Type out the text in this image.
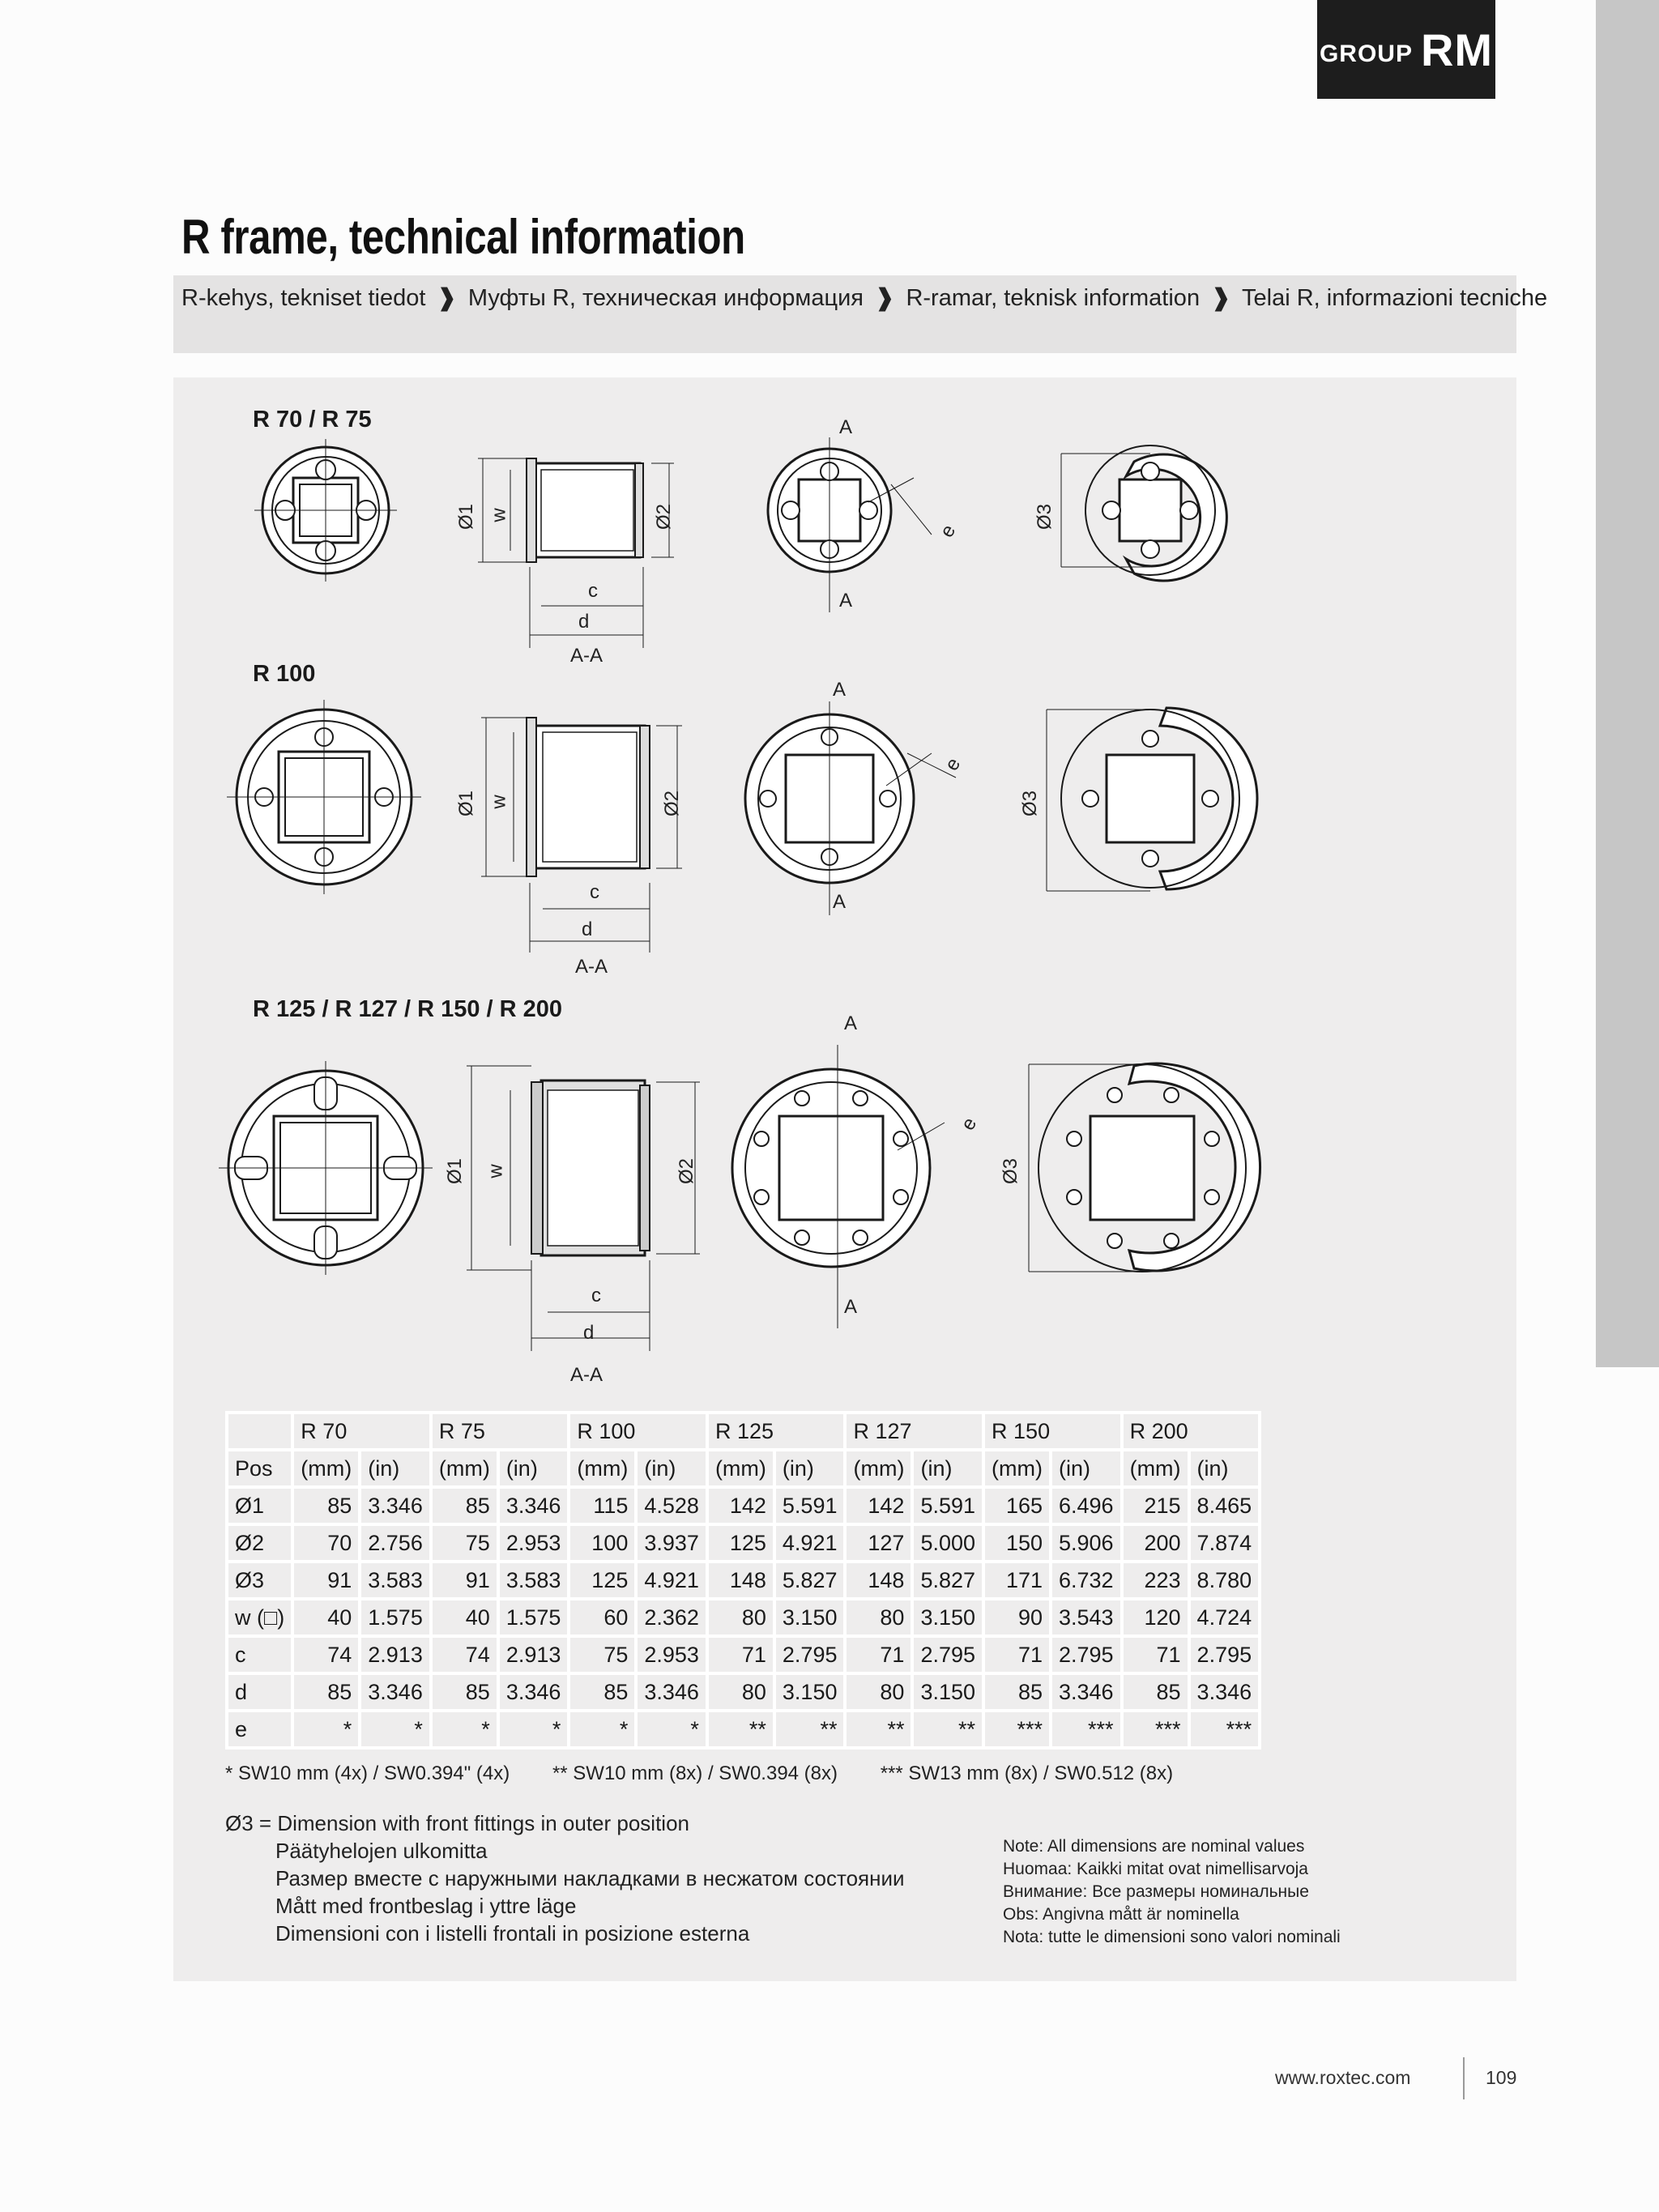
GROUP RM
R frame, technical information
R-kehys, tekniset tiedot ❱ Муфты R, техническая информация ❱ R-ramar, teknisk information ❱ Telai R, informazioni tecniche
R 70 / R 75
R 100
R 125 / R 127 / R 150 / R 200
Ø1 w	Ø2
c
d
A-A
A
A
e
Ø3
Ø1 w	Ø2
c
d
A-A
A
A
e
Ø3
Ø1 w	Ø2
c
d
A-A
A
A
e
Ø3
	R 70		R 75		R 100		R 125		R 127		R 150		R 200	
Pos	(mm)	(in)	(mm)	(in)	(mm)	(in)	(mm)	(in)	(mm)	(in)	(mm)	(in)	(mm)	(in)
Ø1	85	3.346	85	3.346	115	4.528	142	5.591	142	5.591	165	6.496	215	8.465
Ø2	70	2.756	75	2.953	100	3.937	125	4.921	127	5.000	150	5.906	200	7.874
Ø3	91	3.583	91	3.583	125	4.921	148	5.827	148	5.827	171	6.732	223	8.780
w (□)	40	1.575	40	1.575	60	2.362	80	3.150	80	3.150	90	3.543	120	4.724
c	74	2.913	74	2.913	75	2.953	71	2.795	71	2.795	71	2.795	71	2.795
d	85	3.346	85	3.346	85	3.346	80	3.150	80	3.150	85	3.346	85	3.346
e	*	*	*	*	*	*	**	**	**	**	***	***	***	***
* SW10 mm (4x) / SW0.394" (4x) ** SW10 mm (8x) / SW0.394 (8x) *** SW13 mm (8x) / SW0.512 (8x)
Ø3 = Dimension with front fittings in outer position
Päätyhelojen ulkomitta
Размер вместе с наружными накладками в несжатом состоянии
Mått med frontbeslag i yttre läge
Dimensioni con i listelli frontali in posizione esterna
Note: All dimensions are nominal values
Huomaa: Kaikki mitat ovat nimellisarvoja
Внимание: Все размеры номинальные
Obs: Angivna mått är nominella
Nota: tutte le dimensioni sono valori nominali
www.roxtec.com	109
